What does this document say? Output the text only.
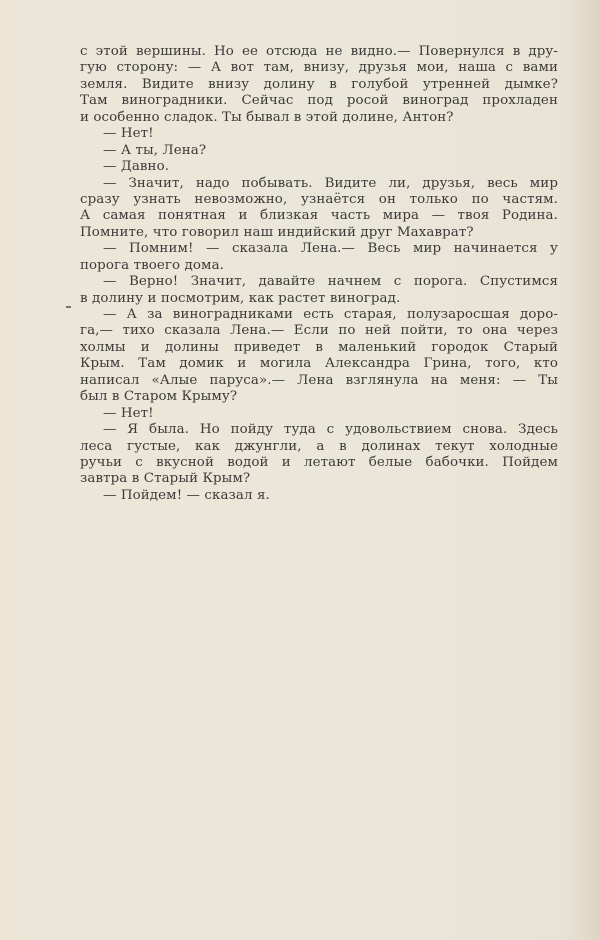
с этой вершины. Но ее отсюда не видно.— Повернулся в дру-
гую сторону: — А вот там, внизу, друзья мои, наша с вами
земля. Видите внизу долину в голубой утренней дымке?
Там виноградники. Сейчас под росой виноград прохладен
и особенно сладок. Ты бывал в этой долине, Антон?
— Нет!
— А ты, Лена?
— Давно.
— Значит, надо побывать. Видите ли, друзья, весь мир
сразу узнать невозможно, узнаётся он только по частям.
А самая понятная и близкая часть мира — твоя Родина.
Помните, что говорил наш индийский друг Махаврат?
— Помним! — сказала Лена.— Весь мир начинается у
порога твоего дома.
— Верно! Значит, давайте начнем с порога. Спустимся
в долину и посмотрим, как растет виноград.
— А за виноградниками есть старая, полузаросшая доро-
га,— тихо сказала Лена.— Если по ней пойти, то она через
холмы и долины приведет в маленький городок Старый
Крым. Там домик и могила Александра Грина, того, кто
написал «Алые паруса».— Лена взглянула на меня: — Ты
был в Старом Крыму?
— Нет!
— Я была. Но пойду туда с удовольствием снова. Здесь
леса густые, как джунгли, а в долинах текут холодные
ручьи с вкусной водой и летают белые бабочки. Пойдем
завтра в Старый Крым?
— Пойдем! — сказал я.
